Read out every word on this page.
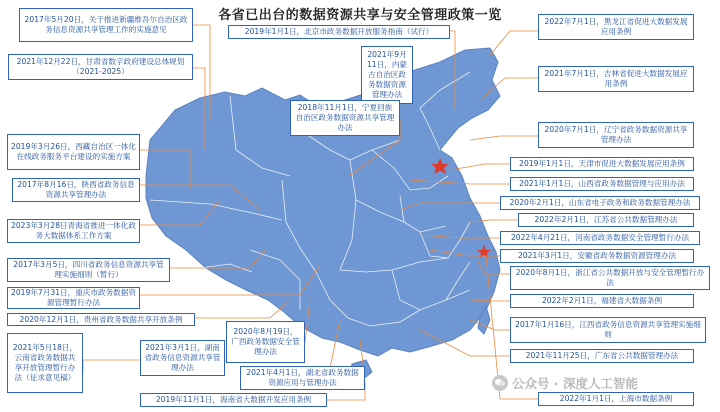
各省已出台的数据资源共享与安全管理政策一览
2017年5月20日，关于推进新疆维吾尔自治区政务信息资源共享管理工作的实施意见
2021年12月22日，甘肃省数字政府建设总体规划（2021-2025）
2019年3月26日，西藏自治区一体化在线政务服务平台建设的实施方案
2017年8月16日，陕西省政务信息资源共享管理办法
2023年3月28日青海省推进一体化政务大数据体系工作方案
2017年3月5日，四川省政务信息资源共享管理实施细则（暂行）
2019年7月31日，重庆市政务数据资源管理暂行办法
2020年12月1日，贵州省政务数据共享开放条例
2021年5月18日，云南省政务数据共享开放管理暂行办法（征求意见稿）
2020年8月19日，广西政务数据安全管理办法
2021年3月1日，湖南省政务信息资源共享管理办法
2021年4月1日，湖北省政务数据资源应用与管理办法
2019年11月1日，海南省大数据开发应用条例
2019年1月1日，北京市政务数据开放服务指南（试行）
2021年9月11日，内蒙古自治区政务数据资源管理办法
2018年11月1日，宁夏回族自治区政务数据资源共享管理办法
2022年7月1日，黑龙江省促进大数据发展应用条例
2021年7月1日，吉林省促进大数据发展应用条例
2020年7月1日，辽宁省政务数据资源共享管理办法
2019年1月1日，天津市促进大数据发展应用条例
2021年1月1日，山西省政务数据管理与应用办法
2020年2月1日，山东省电子政务和政务数据管理办法
2022年2月1日，江苏省公共数据管理办法
2022年4月21日，河南省政务数据安全管理暂行办法
2021年3月1日，安徽省政务数据资源管理办法
2020年8月1日，浙江省公共数据开放与安全管理暂行办法
2022年2月1日，福建省大数据条例
2017年1月16日，江西省政务信息资源共享管理实施细则
2021年11月25日，广东省公共数据管理办法
2022年1月1日，上海市数据条例
公众号 · 深度人工智能
